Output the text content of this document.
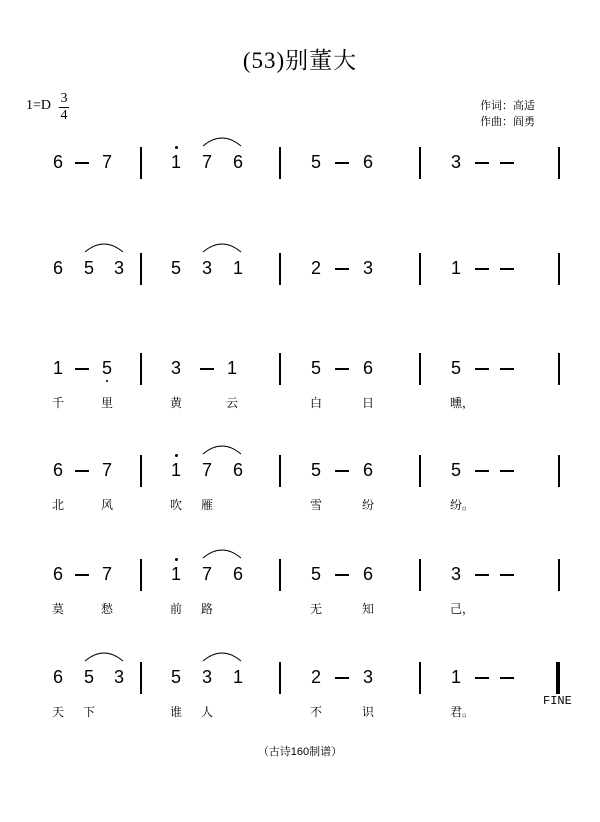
(53)别董大
1=D 3
4
作词：高适
作曲：阎勇
6 7	1 7 6	5 6	3
6 5 3	5 3 1	2 3	1
1 5	3	1	5 6	5
千	里	黄	云	白	日	曛，
6 7	1 7 6	5 6	5
北	风	吹	雁	雪	纷	纷。
6 7	1 7 6	5 6	3
莫	愁	前	路	无	知	己，
6 5 3	5 3 1	2 3	1
FINE
天	下	谁	人	不	识	君。
（古诗160制谱）
